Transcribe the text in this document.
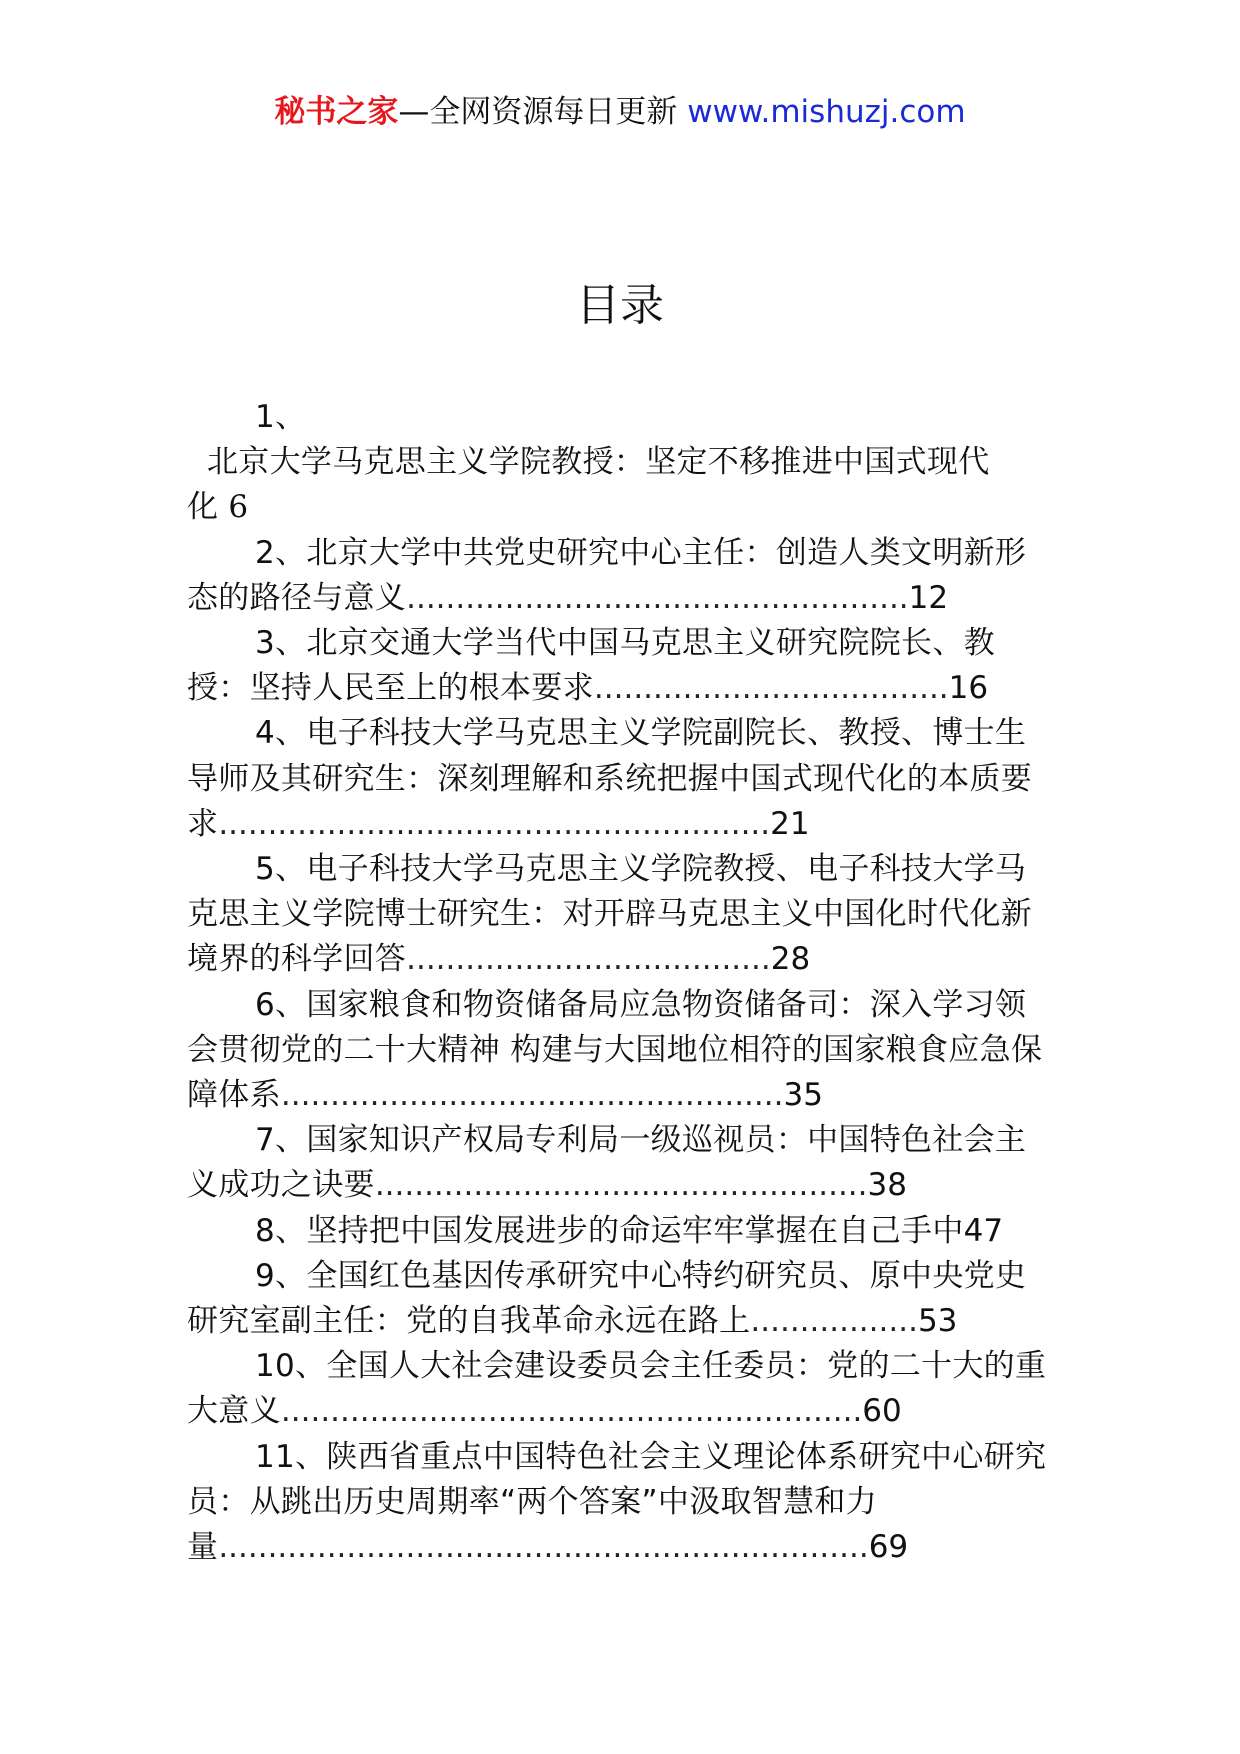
秘书之家—全网资源每日更新 www.mishuzj.com
目录
1、
北京大学马克思主义学院教授：坚定不移推进中国式现代
化 6

2、北京大学中共党史研究中心主任：创造人类文明新形态的路径与意义...................................................12

3、北京交通大学当代中国马克思主义研究院院长、教授：坚持人民至上的根本要求....................................16

4、电子科技大学马克思主义学院副院长、教授、博士生导师及其研究生：深刻理解和系统把握中国式现代化的本质要求........................................................21

5、电子科技大学马克思主义学院教授、电子科技大学马克思主义学院博士研究生：对开辟马克思主义中国化时代化新境界的科学回答.....................................28

6、国家粮食和物资储备局应急物资储备司：深入学习领会贯彻党的二十大精神 构建与大国地位相符的国家粮食应急保障体系...................................................35

7、国家知识产权局专利局一级巡视员：中国特色社会主义成功之诀要..................................................38

8、坚持把中国发展进步的命运牢牢掌握在自己手中47

9、全国红色基因传承研究中心特约研究员、原中央党史研究室副主任：党的自我革命永远在路上.................53

10、全国人大社会建设委员会主任委员：党的二十大的重大意义...........................................................60

11、陕西省重点中国特色社会主义理论体系研究中心研究员：从跳出历史周期率“两个答案”中汲取智慧和力量..................................................................69
